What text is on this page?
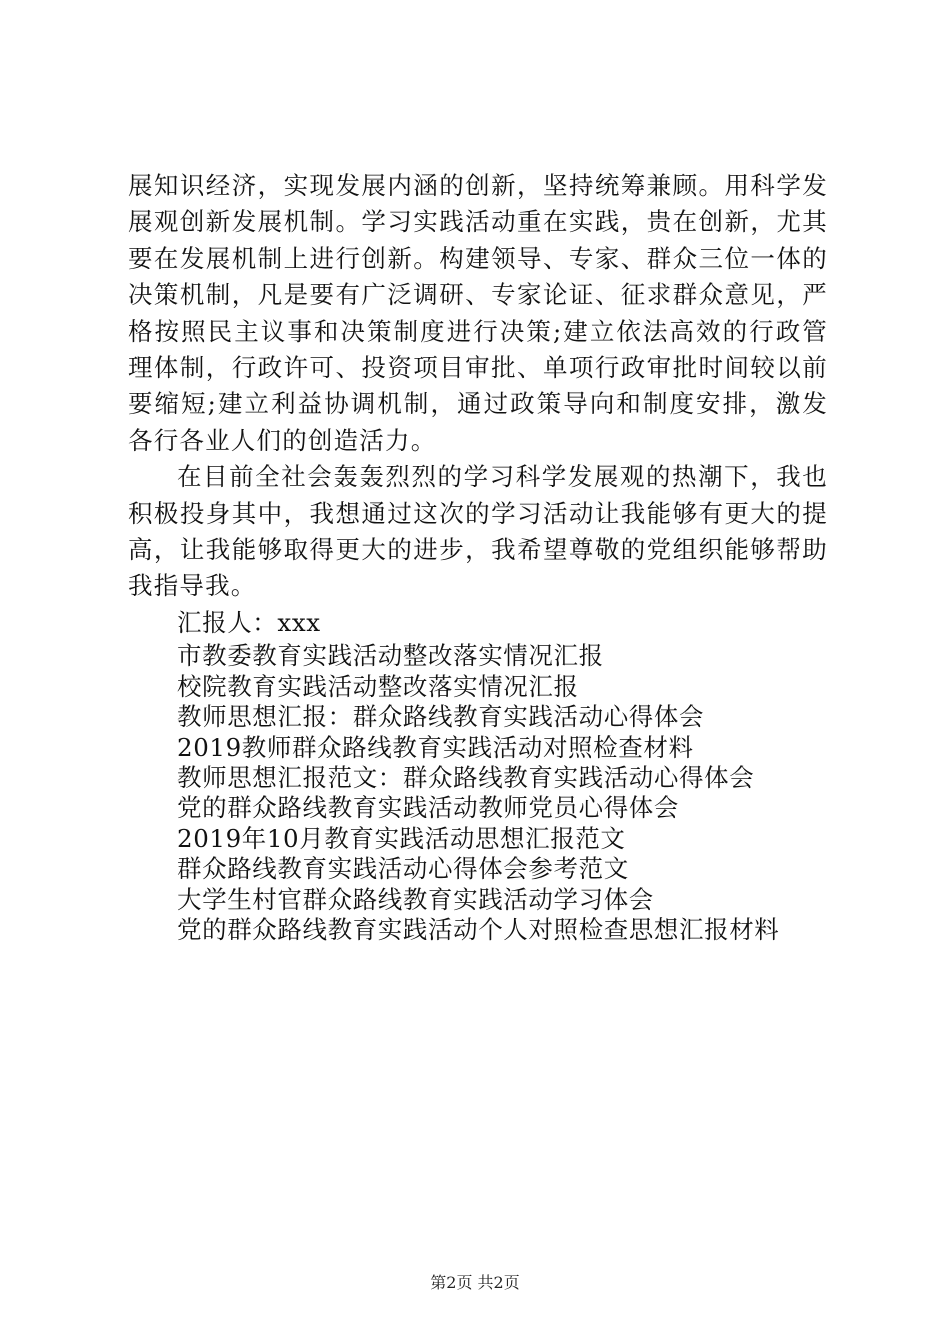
展知识经济，实现发展内涵的创新，坚持统筹兼顾。用科学发展观创新发展机制。学习实践活动重在实践，贵在创新，尤其要在发展机制上进行创新。构建领导、专家、群众三位一体的决策机制，凡是要有广泛调研、专家论证、征求群众意见，严格按照民主议事和决策制度进行决策;建立依法高效的行政管理体制，行政许可、投资项目审批、单项行政审批时间较以前要缩短;建立利益协调机制，通过政策导向和制度安排，激发各行各业人们的创造活力。

在目前全社会轰轰烈烈的学习科学发展观的热潮下，我也积极投身其中，我想通过这次的学习活动让我能够有更大的提高，让我能够取得更大的进步，我希望尊敬的党组织能够帮助我指导我。

汇报人：xxx
市教委教育实践活动整改落实情况汇报
校院教育实践活动整改落实情况汇报
教师思想汇报：群众路线教育实践活动心得体会
2019教师群众路线教育实践活动对照检查材料
教师思想汇报范文：群众路线教育实践活动心得体会
党的群众路线教育实践活动教师党员心得体会
2019年10月教育实践活动思想汇报范文
群众路线教育实践活动心得体会参考范文
大学生村官群众路线教育实践活动学习体会
党的群众路线教育实践活动个人对照检查思想汇报材料
第2页 共2页
